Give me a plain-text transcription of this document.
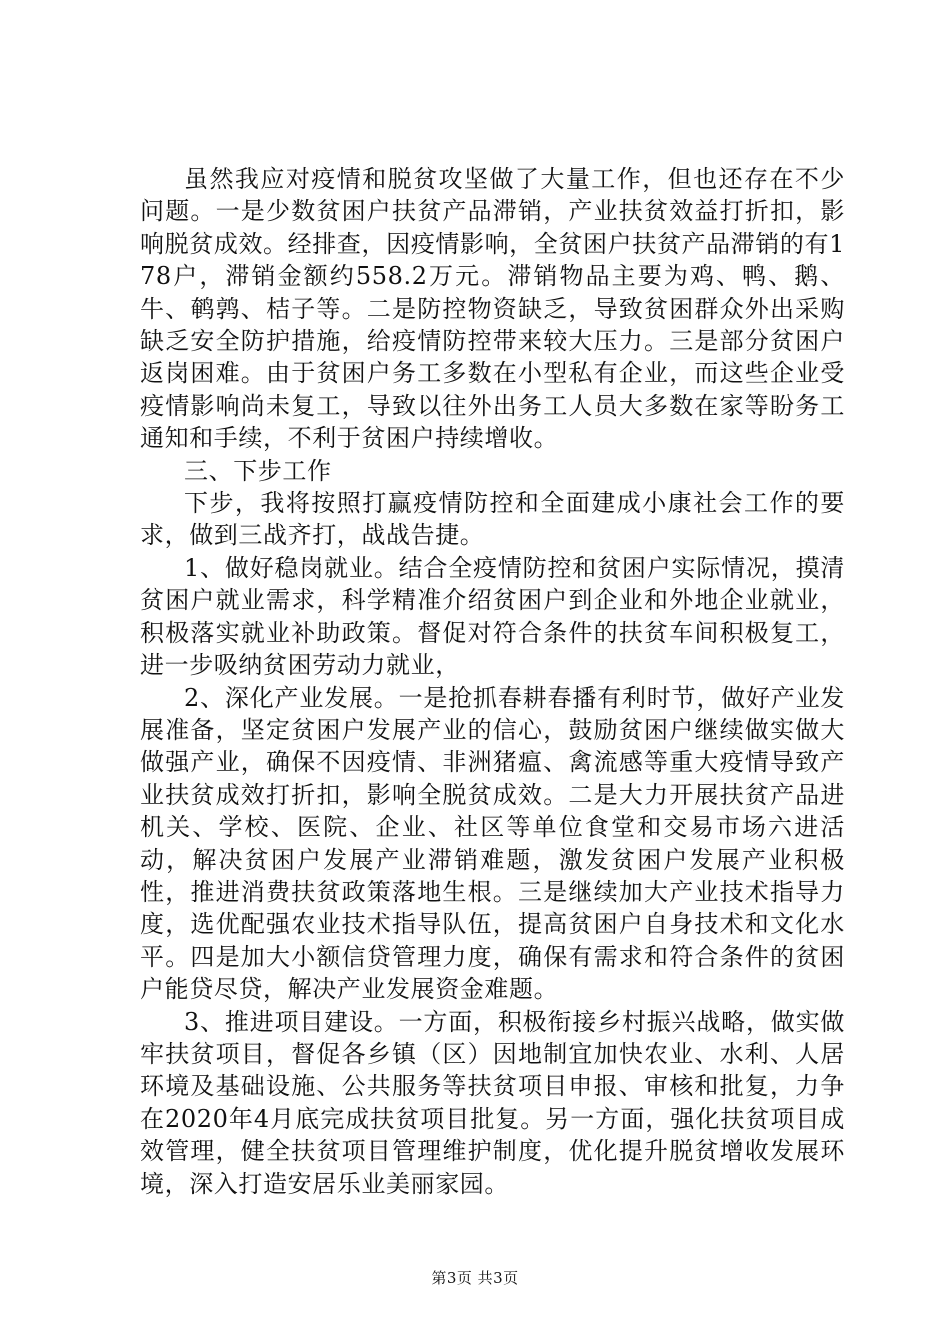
虽然我应对疫情和脱贫攻坚做了大量工作，但也还存在不少问题。一是少数贫困户扶贫产品滞销，产业扶贫效益打折扣，影响脱贫成效。经排查，因疫情影响，全贫困户扶贫产品滞销的有178户，滞销金额约558.2万元。滞销物品主要为鸡、鸭、鹅、牛、鹌鹑、桔子等。二是防控物资缺乏，导致贫困群众外出采购缺乏安全防护措施，给疫情防控带来较大压力。三是部分贫困户返岗困难。由于贫困户务工多数在小型私有企业，而这些企业受疫情影响尚未复工，导致以往外出务工人员大多数在家等盼务工通知和手续，不利于贫困户持续增收。

三、下步工作

下步，我将按照打赢疫情防控和全面建成小康社会工作的要求，做到三战齐打，战战告捷。

1、做好稳岗就业。结合全疫情防控和贫困户实际情况，摸清贫困户就业需求，科学精准介绍贫困户到企业和外地企业就业，积极落实就业补助政策。督促对符合条件的扶贫车间积极复工，进一步吸纳贫困劳动力就业，

2、深化产业发展。一是抢抓春耕春播有利时节，做好产业发展准备，坚定贫困户发展产业的信心，鼓励贫困户继续做实做大做强产业，确保不因疫情、非洲猪瘟、禽流感等重大疫情导致产业扶贫成效打折扣，影响全脱贫成效。二是大力开展扶贫产品进机关、学校、医院、企业、社区等单位食堂和交易市场六进活动，解决贫困户发展产业滞销难题，激发贫困户发展产业积极性，推进消费扶贫政策落地生根。三是继续加大产业技术指导力度，选优配强农业技术指导队伍，提高贫困户自身技术和文化水平。四是加大小额信贷管理力度，确保有需求和符合条件的贫困户能贷尽贷，解决产业发展资金难题。

3、推进项目建设。一方面，积极衔接乡村振兴战略，做实做牢扶贫项目，督促各乡镇（区）因地制宜加快农业、水利、人居环境及基础设施、公共服务等扶贫项目申报、审核和批复，力争在2020年4月底完成扶贫项目批复。另一方面，强化扶贫项目成效管理，健全扶贫项目管理维护制度，优化提升脱贫增收发展环境，深入打造安居乐业美丽家园。

第3页 共3页
